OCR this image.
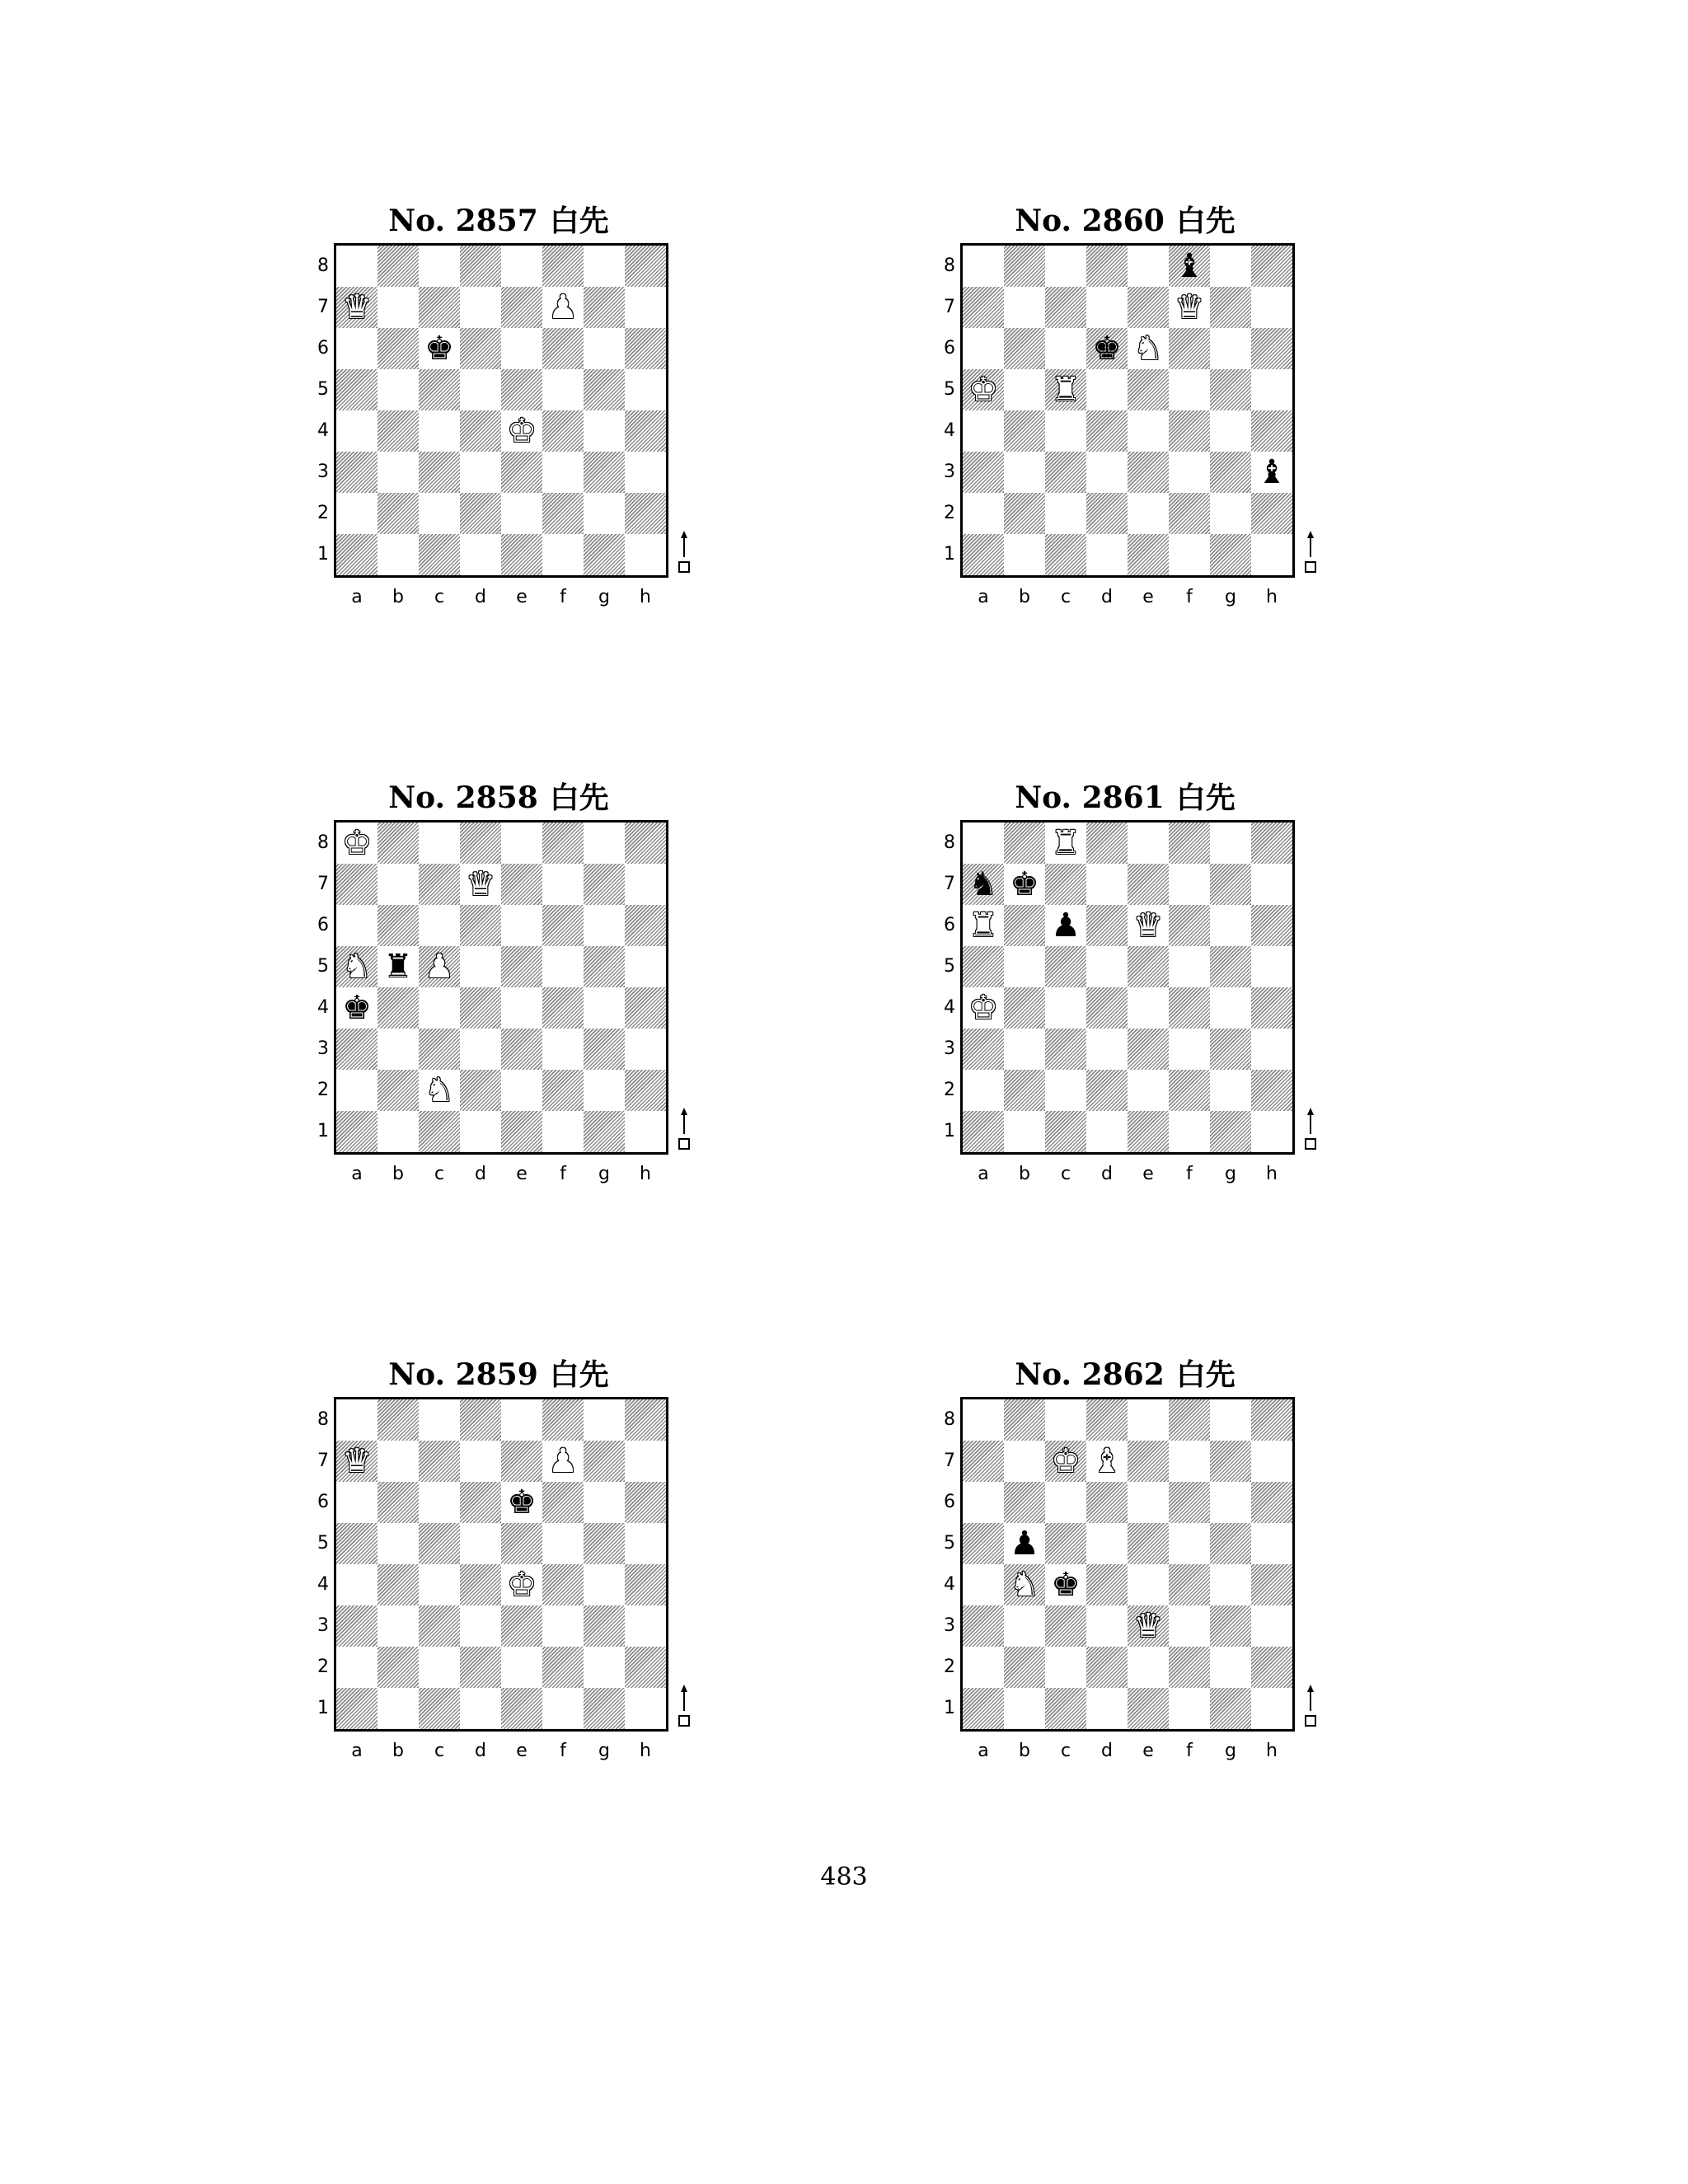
No. 2857 白先
♛	♟
♚
♚
8
7
6
5
4
3
2
1
a	b	c	d	e	f	g	h
No. 2860 白先
♝
♛
♚ ♞
♚ ♜
♝
8
7
6
5
4
3
2
1
a	b	c	d	e	f	g	h
No. 2858 白先
♚
♛
♞ ♜ ♟
♚
♞
8
7
6
5
4
3
2
1
a	b	c	d	e	f	g	h
No. 2861 白先
♜
♞ ♚
♜ ♟ ♛
♚
8
7
6
5
4
3
2
1
a	b	c	d	e	f	g	h
No. 2859 白先
♛	♟
♚
♚
8
7
6
5
4
3
2
1
a	b	c	d	e	f	g	h
No. 2862 白先
♚ ♝
♟
♞ ♚
♛
8
7
6
5
4
3
2
1
a	b	c	d	e	f	g	h
483
